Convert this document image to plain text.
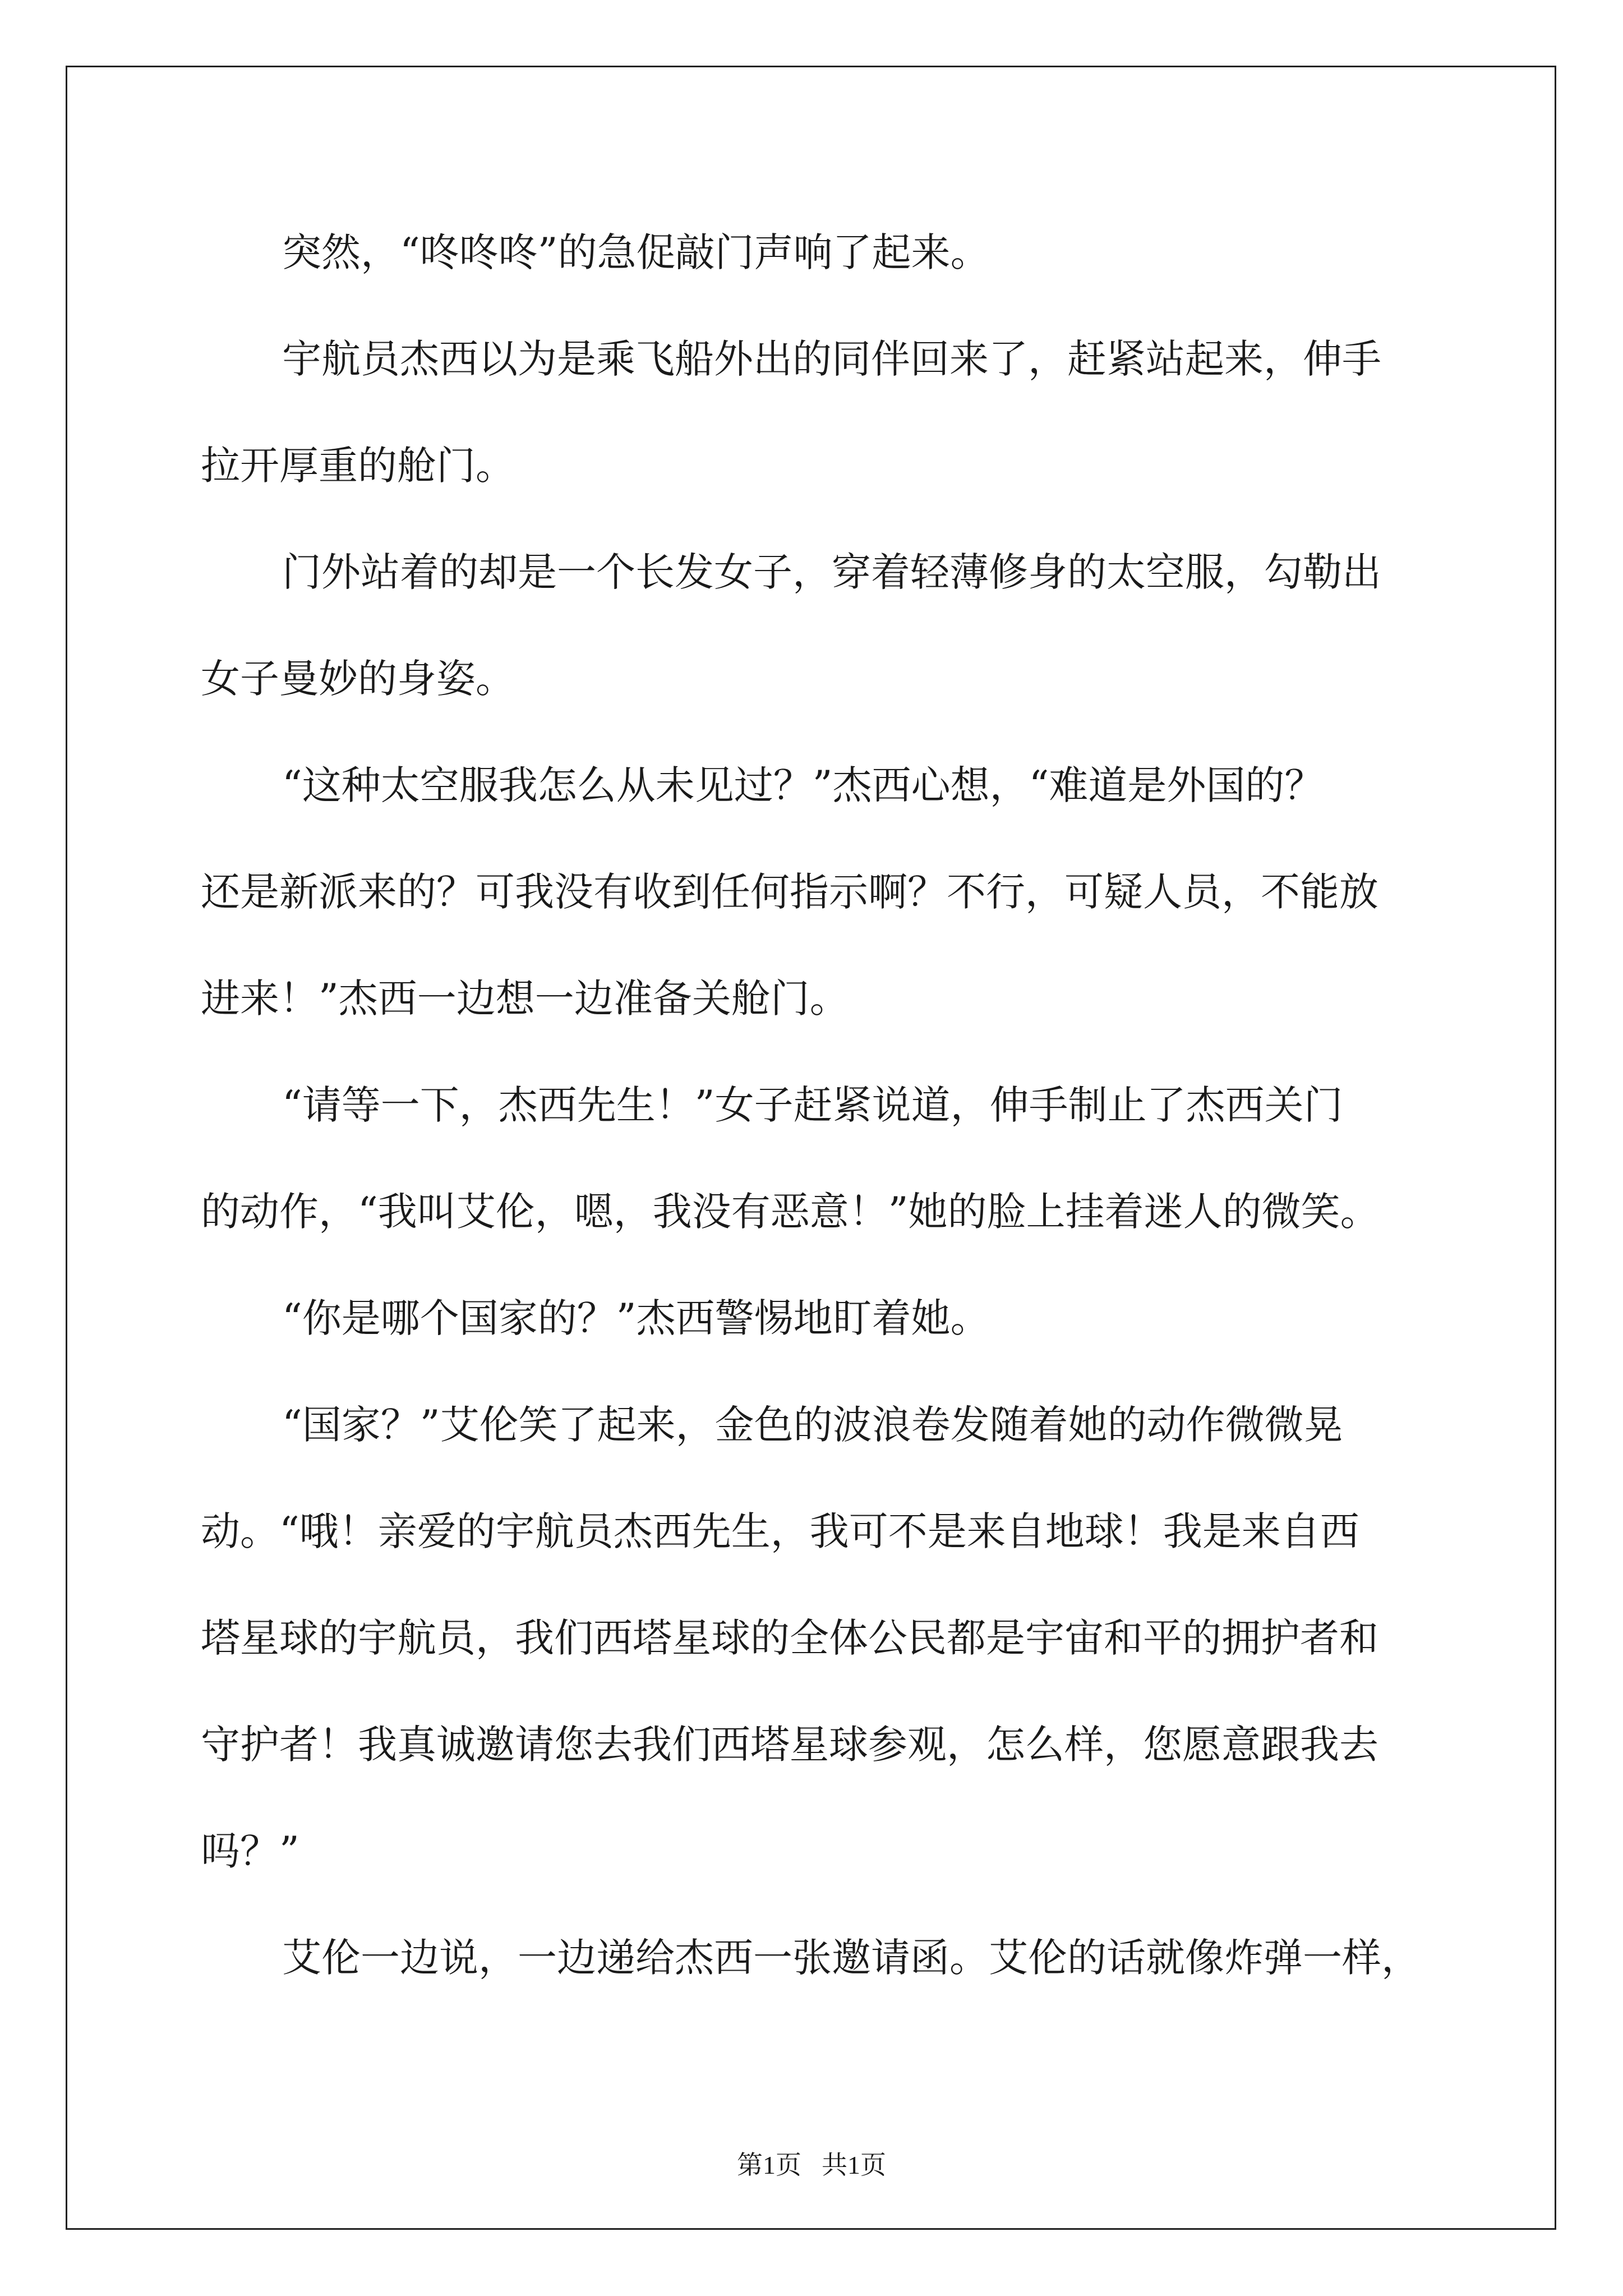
突然，“咚咚咚”的急促敲门声响了起来。
宇航员杰西以为是乘飞船外出的同伴回来了，赶紧站起来，伸手
拉开厚重的舱门。
门外站着的却是一个长发女子，穿着轻薄修身的太空服，勾勒出
女子曼妙的身姿。
“这种太空服我怎么从未见过？”杰西心想，“难道是外国的？
还是新派来的？可我没有收到任何指示啊？不行，可疑人员，不能放
进来！”杰西一边想一边准备关舱门。
“请等一下，杰西先生！”女子赶紧说道，伸手制止了杰西关门
的动作，“我叫艾伦，嗯，我没有恶意！”她的脸上挂着迷人的微笑。
“你是哪个国家的？”杰西警惕地盯着她。
“国家？”艾伦笑了起来，金色的波浪卷发随着她的动作微微晃
动。“哦！亲爱的宇航员杰西先生，我可不是来自地球！我是来自西
塔星球的宇航员，我们西塔星球的全体公民都是宇宙和平的拥护者和
守护者！我真诚邀请您去我们西塔星球参观，怎么样，您愿意跟我去
吗？”
艾伦一边说，一边递给杰西一张邀请函。艾伦的话就像炸弹一样，
第1页 共1页
